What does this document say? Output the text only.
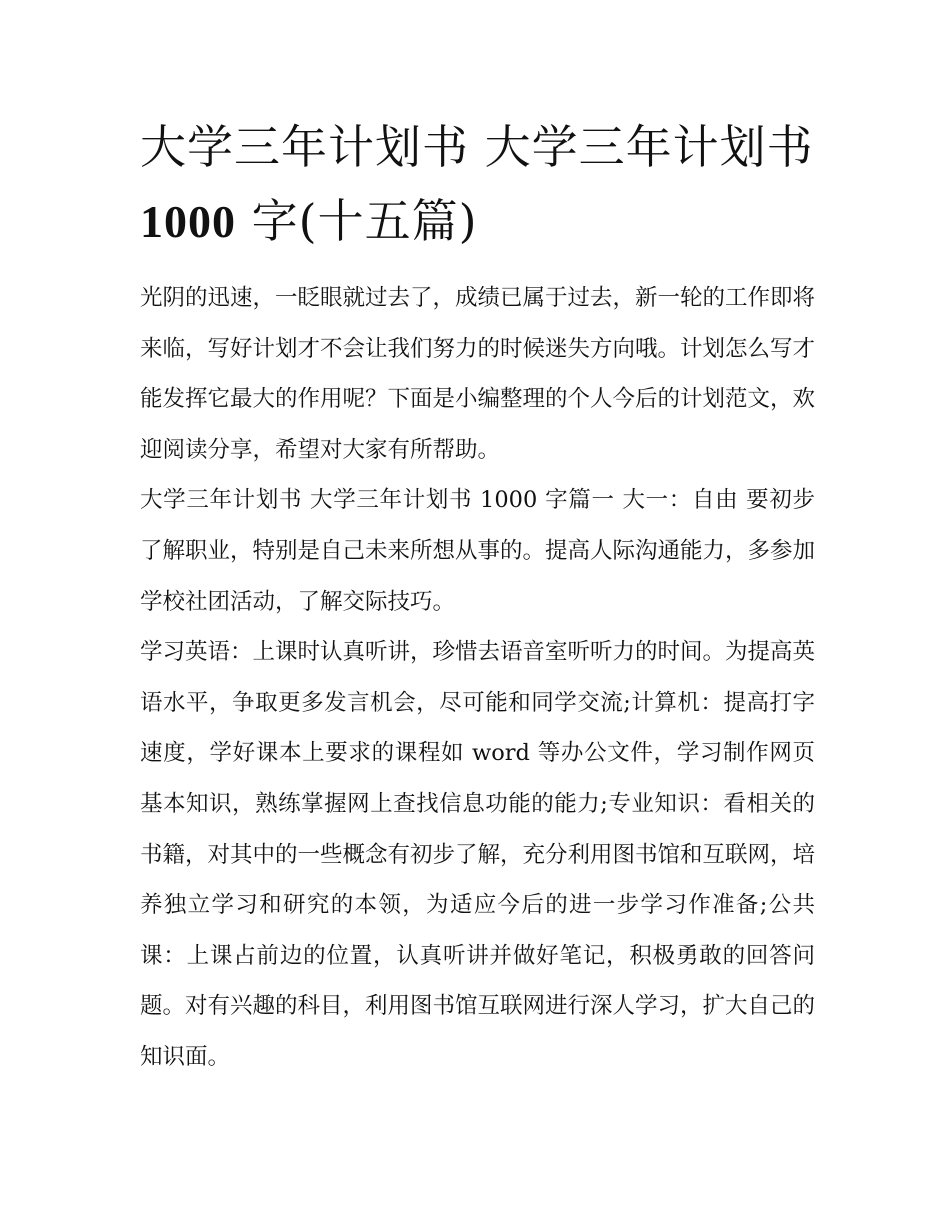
大学三年计划书 大学三年计划书
1000 字(十五篇)

光阴的迅速，一眨眼就过去了，成绩已属于过去，新一轮的工作即将来临，写好计划才不会让我们努力的时候迷失方向哦。计划怎么写才能发挥它最大的作用呢？下面是小编整理的个人今后的计划范文，欢迎阅读分享，希望对大家有所帮助。

大学三年计划书 大学三年计划书 1000 字篇一 大一：自由 要初步了解职业，特别是自己未来所想从事的。提高人际沟通能力，多参加学校社团活动，了解交际技巧。

学习英语：上课时认真听讲，珍惜去语音室听听力的时间。为提高英语水平，争取更多发言机会，尽可能和同学交流;计算机：提高打字速度，学好课本上要求的课程如 word 等办公文件，学习制作网页基本知识，熟练掌握网上查找信息功能的能力;专业知识：看相关的书籍，对其中的一些概念有初步了解，充分利用图书馆和互联网，培养独立学习和研究的本领，为适应今后的进一步学习作准备;公共课：上课占前边的位置，认真听讲并做好笔记，积极勇敢的回答问题。对有兴趣的科目，利用图书馆互联网进行深人学习，扩大自己的知识面。
